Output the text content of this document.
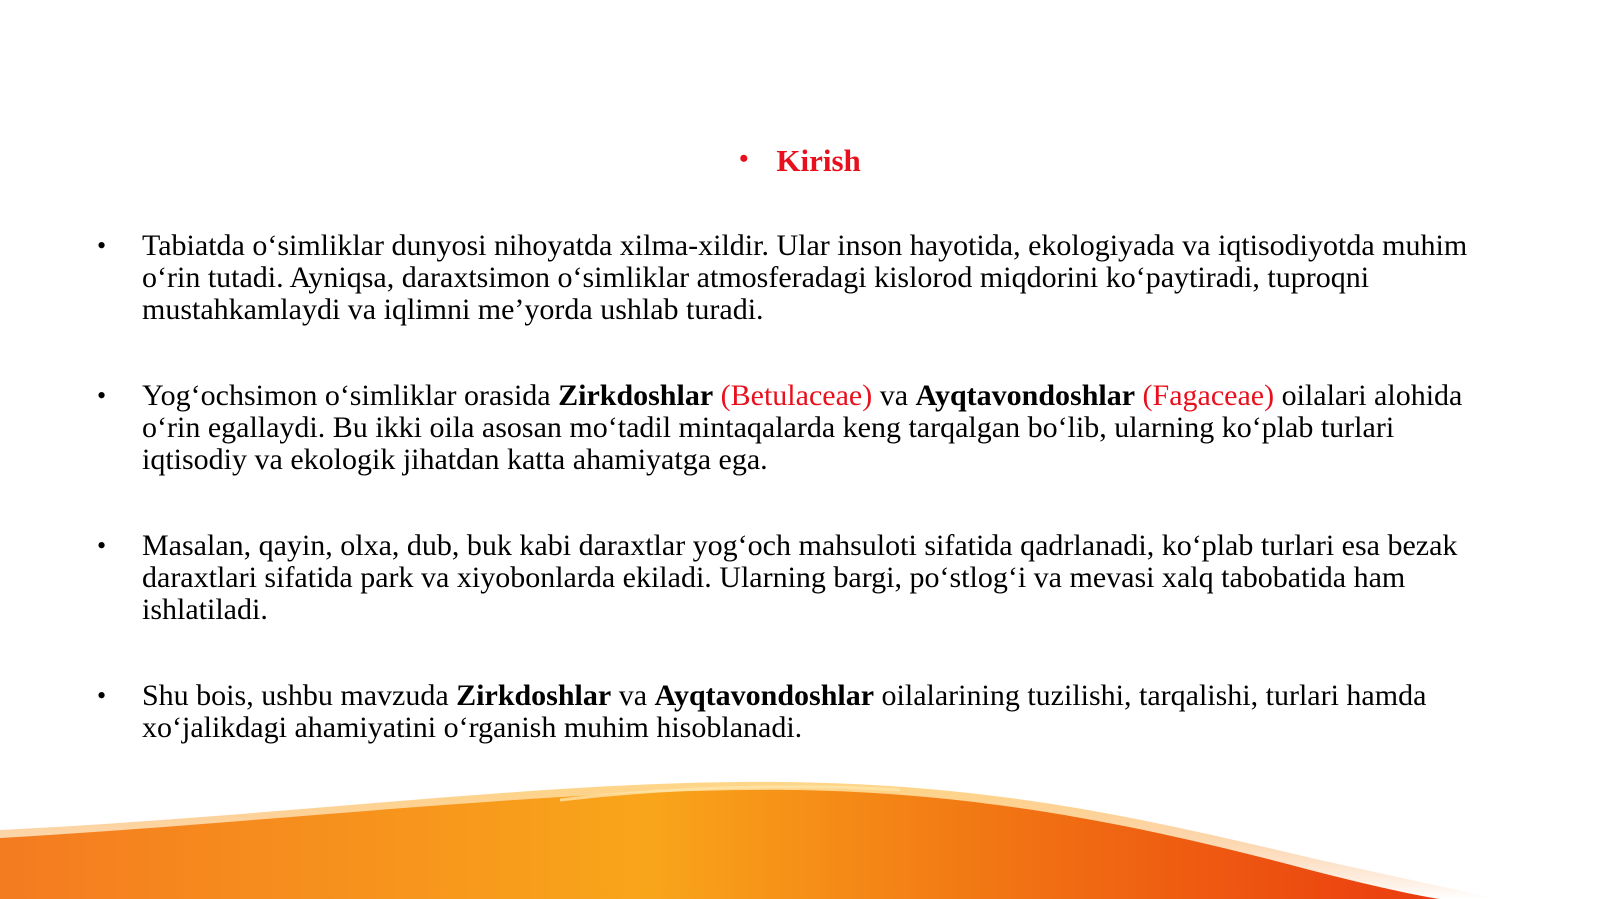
• Kirish
• Tabiatda o‘simliklar dunyosi nihoyatda xilma-xildir. Ular inson hayotida, ekologiyada va iqtisodiyotda muhim o‘rin tutadi. Ayniqsa, daraxtsimon o‘simliklar atmosferadagi kislorod miqdorini ko‘paytiradi, tuproqni mustahkamlaydi va iqlimni me’yorda ushlab turadi.
• Yog‘ochsimon o‘simliklar orasida Zirkdoshlar (Betulaceae) va Ayqtavondoshlar (Fagaceae) oilalari alohida o‘rin egallaydi. Bu ikki oila asosan mo‘tadil mintaqalarda keng tarqalgan bo‘lib, ularning ko‘plab turlari iqtisodiy va ekologik jihatdan katta ahamiyatga ega.
• Masalan, qayin, olxa, dub, buk kabi daraxtlar yog‘och mahsuloti sifatida qadrlanadi, ko‘plab turlari esa bezak daraxtlari sifatida park va xiyobonlarda ekiladi. Ularning bargi, po‘stlog‘i va mevasi xalq tabobatida ham ishlatiladi.
• Shu bois, ushbu mavzuda Zirkdoshlar va Ayqtavondoshlar oilalarining tuzilishi, tarqalishi, turlari hamda xo‘jalikdagi ahamiyatini o‘rganish muhim hisoblanadi.
